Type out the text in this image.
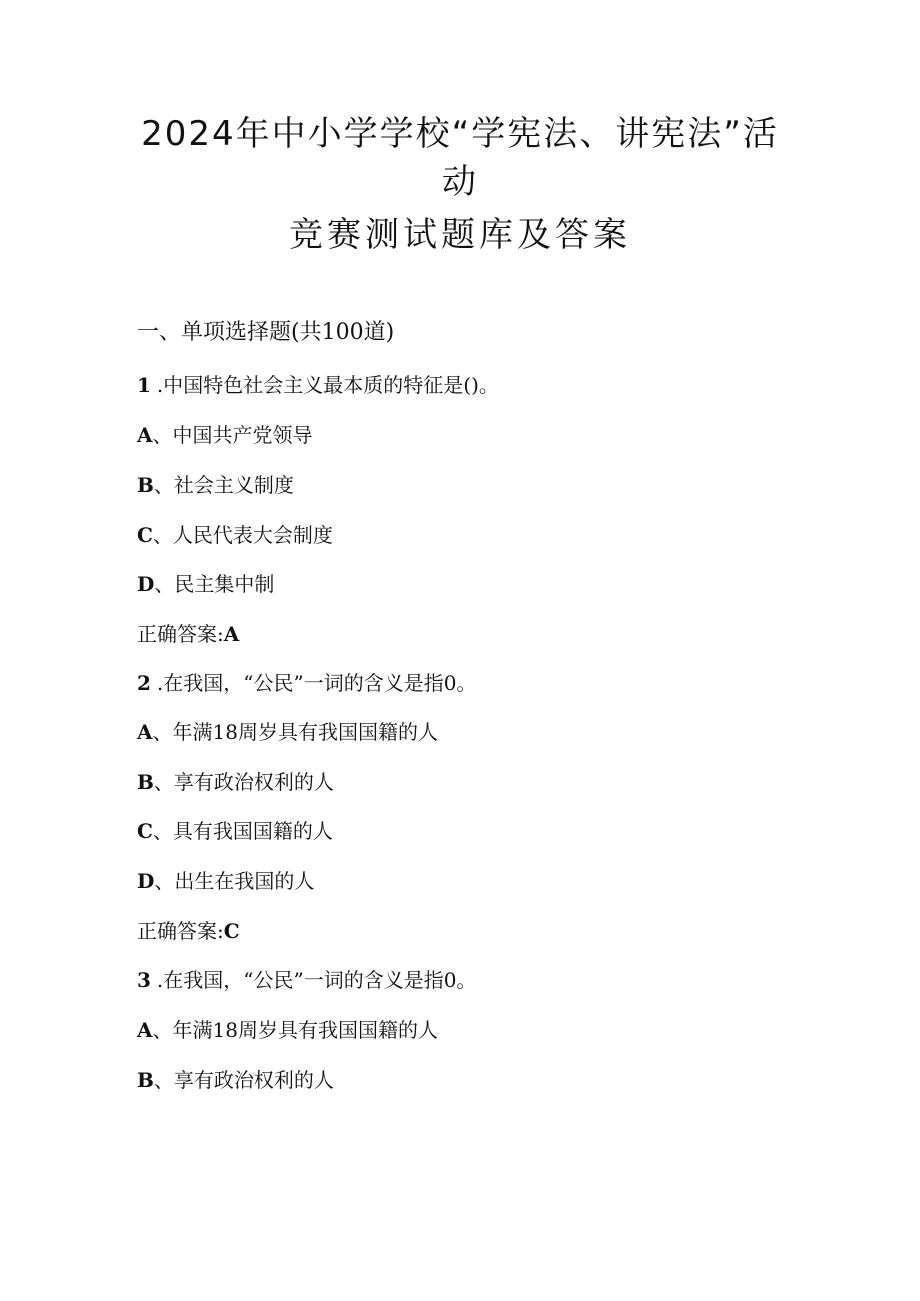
2024年中小学学校“学宪法、讲宪法”活
动
竞赛测试题库及答案
一、单项选择题(共100道)
1 .中国特色社会主义最本质的特征是()。
A、中国共产党领导
B、社会主义制度
C、人民代表大会制度
D、民主集中制
正确答案:A
2 .在我国，“公民”一词的含义是指0。
A、年满18周岁具有我国国籍的人
B、享有政治权利的人
C、具有我国国籍的人
D、出生在我国的人
正确答案:C
3 .在我国，“公民”一词的含义是指0。
A、年满18周岁具有我国国籍的人
B、享有政治权利的人
